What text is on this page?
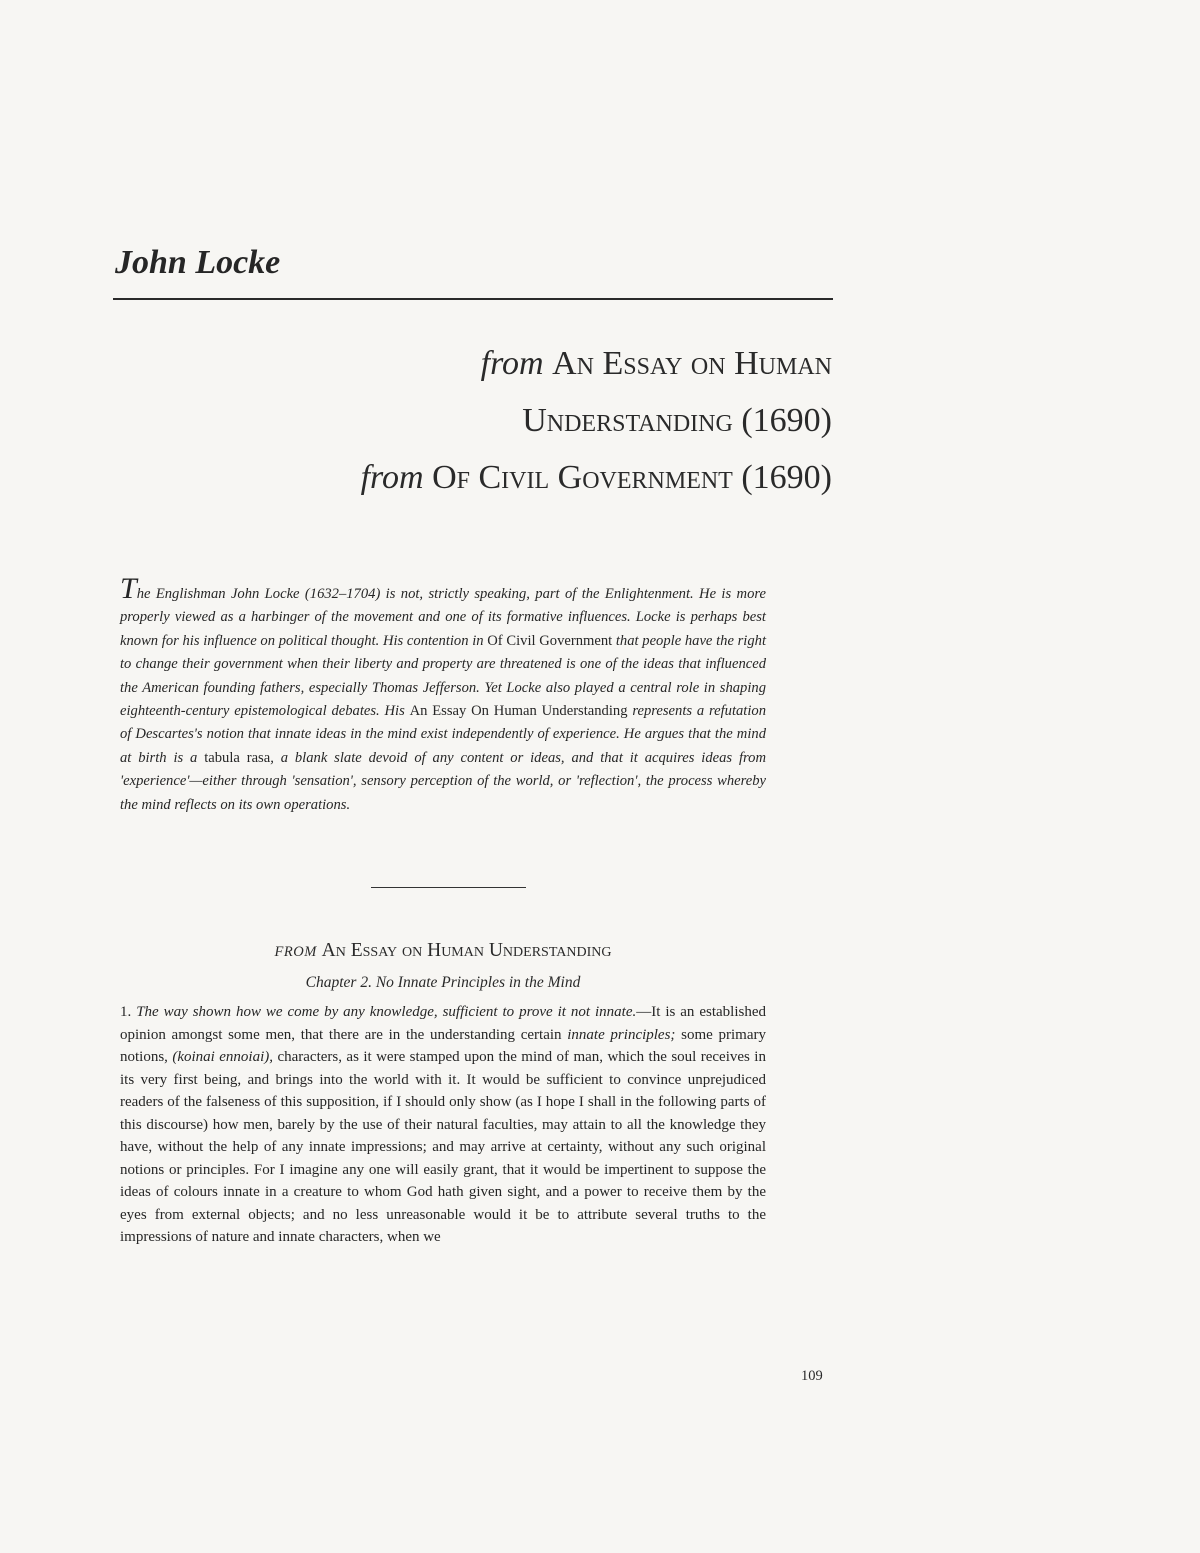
John Locke
from An Essay on Human
Understanding (1690)
from Of Civil Government (1690)
The Englishman John Locke (1632–1704) is not, strictly speaking, part of the Enlightenment. He is more properly viewed as a harbinger of the movement and one of its formative influences. Locke is perhaps best known for his influence on political thought. His contention in Of Civil Government that people have the right to change their government when their liberty and property are threatened is one of the ideas that influenced the American founding fathers, especially Thomas Jefferson. Yet Locke also played a central role in shaping eighteenth-century epistemological debates. His An Essay On Human Understanding represents a refutation of Descartes's notion that innate ideas in the mind exist independently of experience. He argues that the mind at birth is a tabula rasa, a blank slate devoid of any content or ideas, and that it acquires ideas from 'experience'—either through 'sensation', sensory perception of the world, or 'reflection', the process whereby the mind reflects on its own operations.
FROM An Essay on Human Understanding
Chapter 2. No Innate Principles in the Mind
1. The way shown how we come by any knowledge, sufficient to prove it not innate.—It is an established opinion amongst some men, that there are in the understanding certain innate principles; some primary notions, (koinai ennoiai), characters, as it were stamped upon the mind of man, which the soul receives in its very first being, and brings into the world with it. It would be sufficient to convince unprejudiced readers of the falseness of this supposition, if I should only show (as I hope I shall in the following parts of this discourse) how men, barely by the use of their natural faculties, may attain to all the knowledge they have, without the help of any innate impressions; and may arrive at certainty, without any such original notions or principles. For I imagine any one will easily grant, that it would be impertinent to suppose the ideas of colours innate in a creature to whom God hath given sight, and a power to receive them by the eyes from external objects; and no less unreasonable would it be to attribute several truths to the impressions of nature and innate characters, when we
109
